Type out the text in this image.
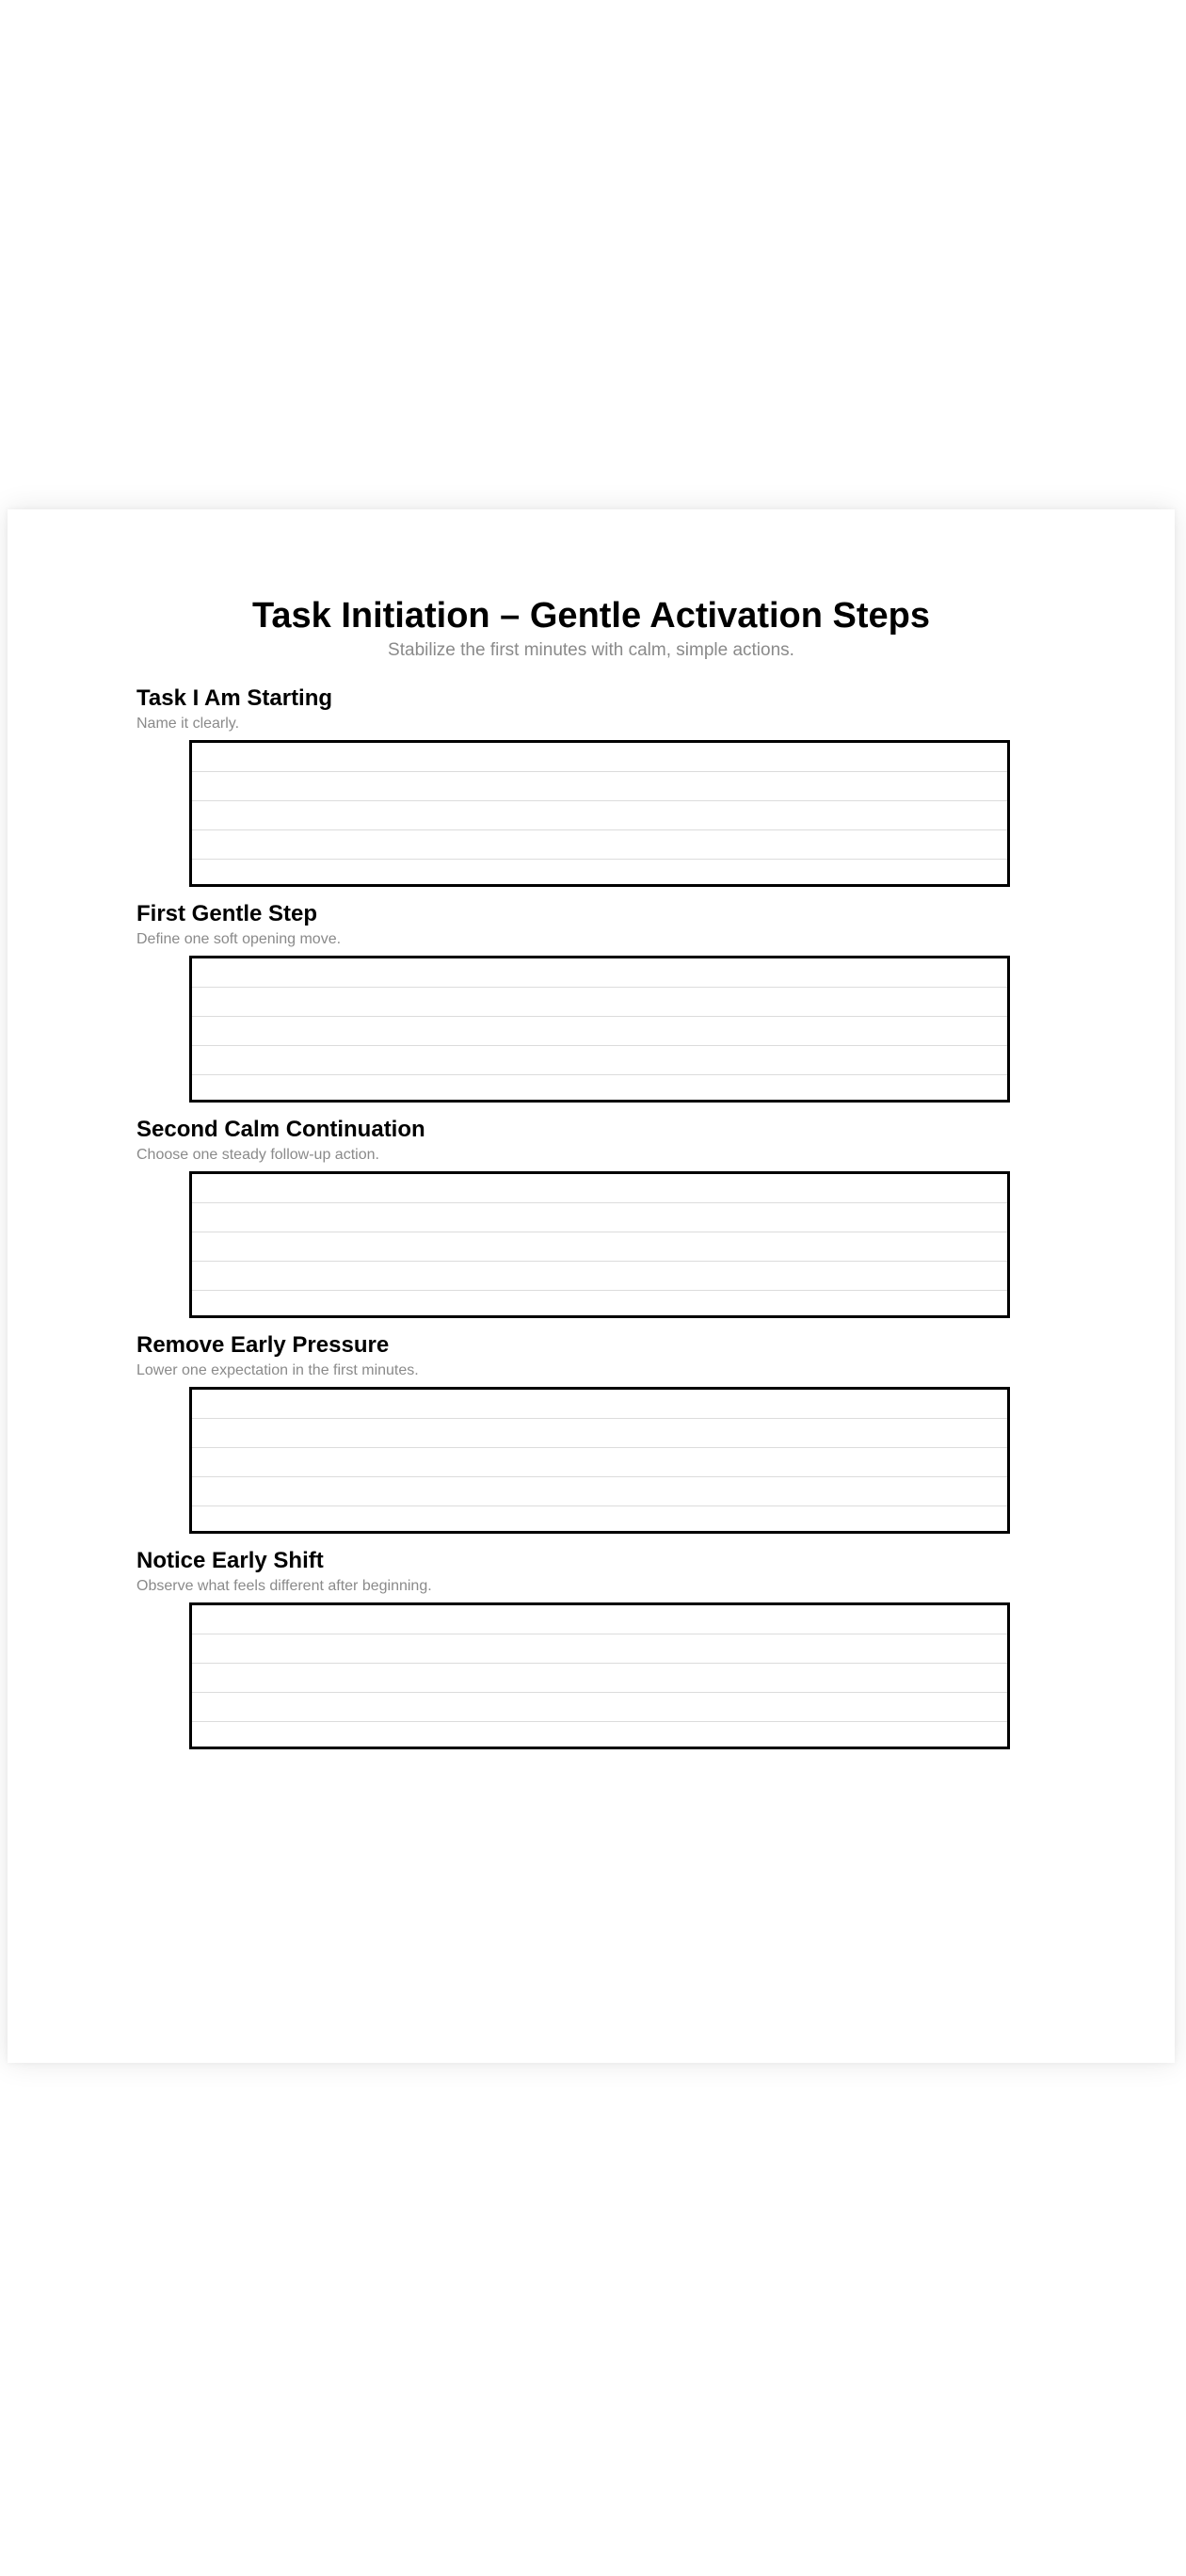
Task Initiation – Gentle Activation Steps
Stabilize the first minutes with calm, simple actions.
Task I Am Starting
Name it clearly.
First Gentle Step
Define one soft opening move.
Second Calm Continuation
Choose one steady follow-up action.
Remove Early Pressure
Lower one expectation in the first minutes.
Notice Early Shift
Observe what feels different after beginning.
